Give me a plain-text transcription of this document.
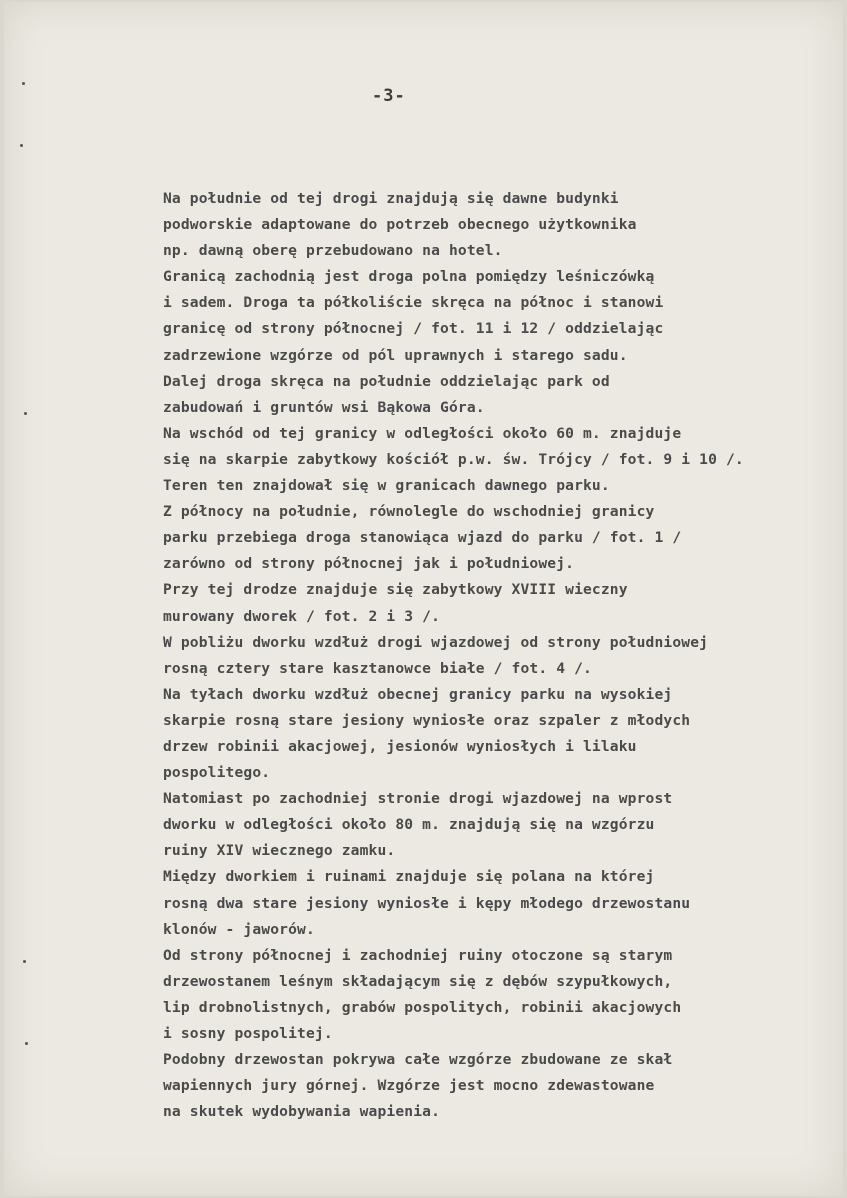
-3-

Na południe od tej drogi znajdują się dawne budynki
podworskie adaptowane do potrzeb obecnego użytkownika
np. dawną oberę przebudowano na hotel.
Granicą zachodnią jest droga polna pomiędzy leśniczówką
i sadem. Droga ta półkoliście skręca na północ i stanowi
granicę od strony północnej / fot. 11 i 12 / oddzielając
zadrzewione wzgórze od pól uprawnych i starego sadu.
Dalej droga skręca na południe oddzielając park od
zabudowań i gruntów wsi Bąkowa Góra.
Na wschód od tej granicy w odległości około 60 m. znajduje
się na skarpie zabytkowy kościół p.w. św. Trójcy / fot. 9 i 10 /.
Teren ten znajdował się w granicach dawnego parku.
Z północy na południe, równolegle do wschodniej granicy
parku przebiega droga stanowiąca wjazd do parku / fot. 1 /
zarówno od strony północnej jak i południowej.
Przy tej drodze znajduje się zabytkowy XVIII wieczny
murowany dworek / fot. 2 i 3 /.
W pobliżu dworku wzdłuż drogi wjazdowej od strony południowej
rosną cztery stare kasztanowce białe / fot. 4 /.
Na tyłach dworku wzdłuż obecnej granicy parku na wysokiej
skarpie rosną stare jesiony wyniosłe oraz szpaler z młodych
drzew robinii akacjowej, jesionów wyniosłych i lilaku
pospolitego.
Natomiast po zachodniej stronie drogi wjazdowej na wprost
dworku w odległości około 80 m. znajdują się na wzgórzu
ruiny XIV wiecznego zamku.
Między dworkiem i ruinami znajduje się polana na której
rosną dwa stare jesiony wyniosłe i kępy młodego drzewostanu
klonów - jaworów.
Od strony północnej i zachodniej ruiny otoczone są starym
drzewostanem leśnym składającym się z dębów szypułkowych,
lip drobnolistnych, grabów pospolitych, robinii akacjowych
i sosny pospolitej.
Podobny drzewostan pokrywa całe wzgórze zbudowane ze skał
wapiennych jury górnej. Wzgórze jest mocno zdewastowane
na skutek wydobywania wapienia.
